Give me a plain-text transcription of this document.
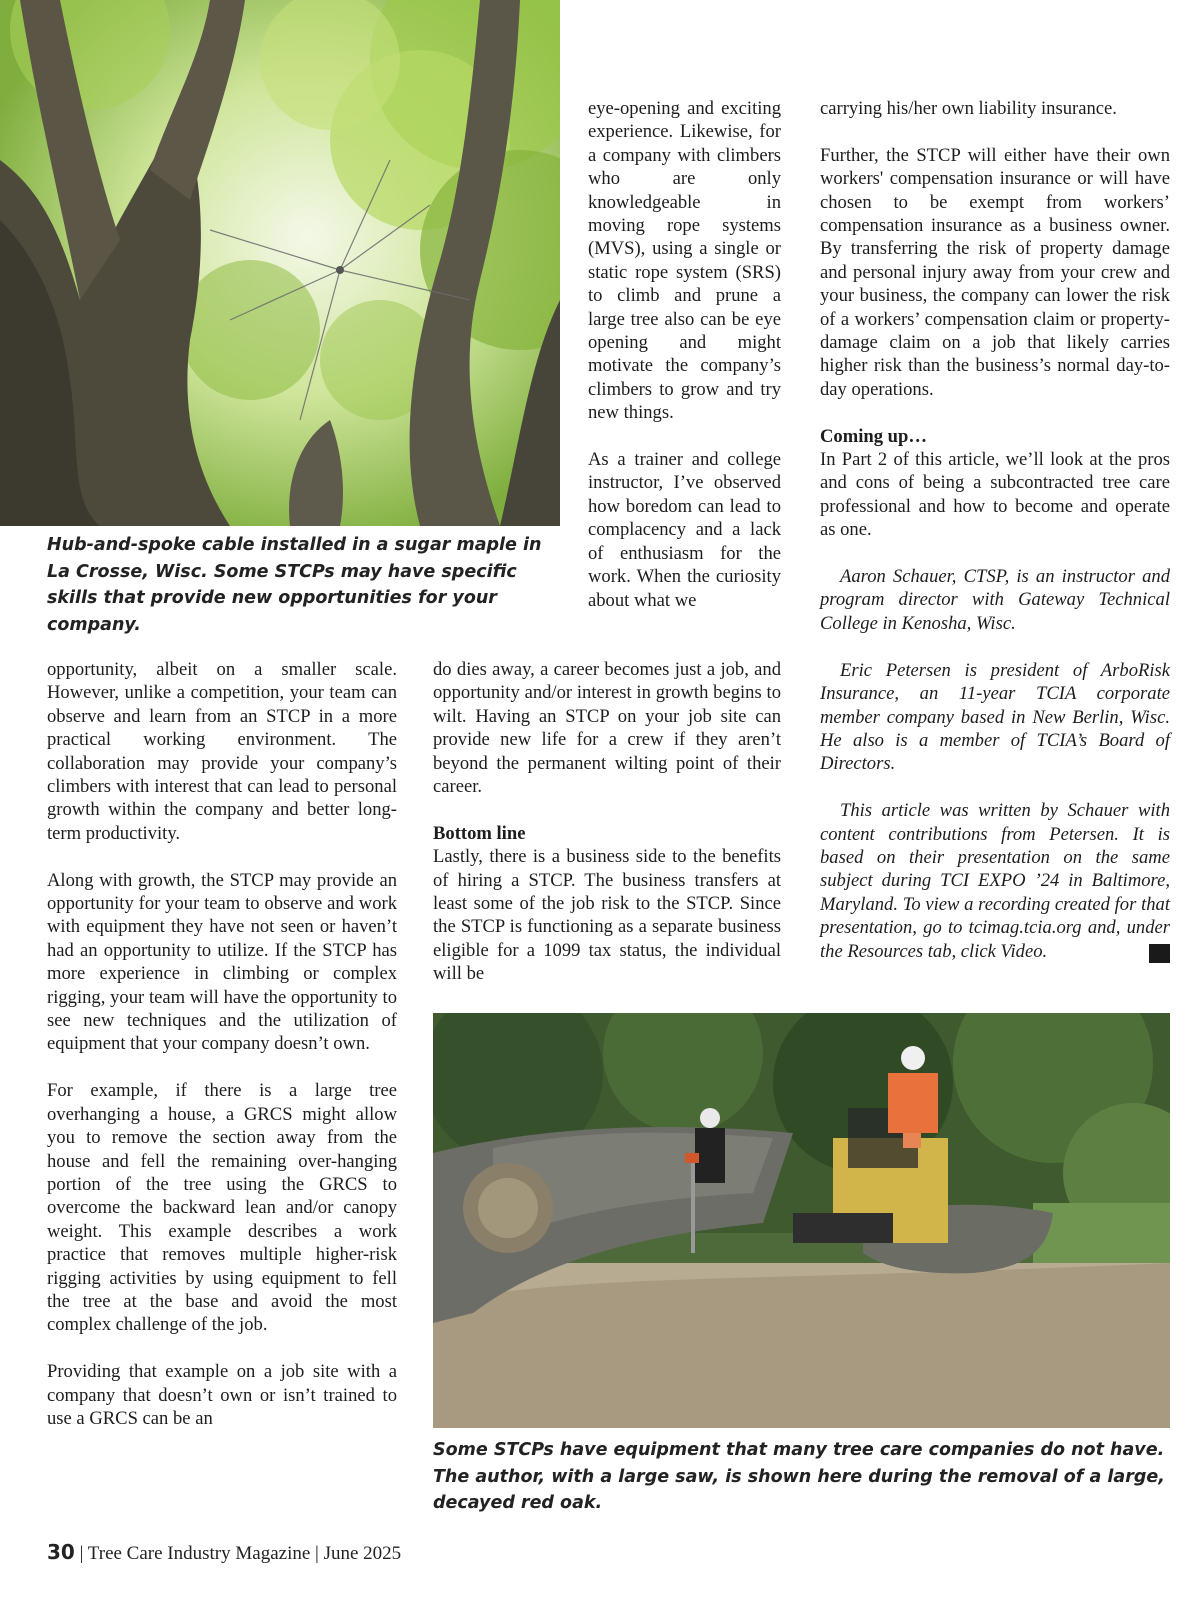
Hub-and-spoke cable installed in a sugar maple in La Crosse, Wisc. Some STCPs may have specific skills that provide new opportunities for your company.

eye-opening and exciting experience. Likewise, for a company with climbers who are only knowledgeable in moving rope systems (MVS), using a single or static rope system (SRS) to climb and prune a large tree also can be eye opening and might motivate the company’s climbers to grow and try new things.

As a trainer and college instructor, I’ve observed how boredom can lead to complacency and a lack of enthusiasm for the work. When the curiosity about what we

opportunity, albeit on a smaller scale. However, unlike a competition, your team can observe and learn from an STCP in a more practical working environment. The collaboration may provide your company’s climbers with interest that can lead to personal growth within the company and better long-term productivity.

Along with growth, the STCP may provide an opportunity for your team to observe and work with equipment they have not seen or haven’t had an opportunity to utilize. If the STCP has more experience in climbing or complex rigging, your team will have the opportunity to see new techniques and the utilization of equipment that your company doesn’t own.

For example, if there is a large tree overhanging a house, a GRCS might allow you to remove the section away from the house and fell the remaining over-hanging portion of the tree using the GRCS to overcome the backward lean and/or canopy weight. This example describes a work practice that removes multiple higher-risk rigging activities by using equipment to fell the tree at the base and avoid the most complex challenge of the job.

Providing that example on a job site with a company that doesn’t own or isn’t trained to use a GRCS can be an

do dies away, a career becomes just a job, and opportunity and/or interest in growth begins to wilt. Having an STCP on your job site can provide new life for a crew if they aren’t beyond the permanent wilting point of their career.

Bottom line

Lastly, there is a business side to the benefits of hiring a STCP. The business transfers at least some of the job risk to the STCP. Since the STCP is functioning as a separate business eligible for a 1099 tax status, the individual will be

carrying his/her own liability insurance.

Further, the STCP will either have their own workers' compensation insurance or will have chosen to be exempt from workers’ compensation insurance as a business owner. By transferring the risk of property damage and personal injury away from your crew and your business, the company can lower the risk of a workers’ compensation claim or property-damage claim on a job that likely carries higher risk than the business’s normal day-to-day operations.

Coming up…

In Part 2 of this article, we’ll look at the pros and cons of being a subcontracted tree care professional and how to become and operate as one.

Aaron Schauer, CTSP, is an instructor and program director with Gateway Technical College in Kenosha, Wisc.

Eric Petersen is president of ArboRisk Insurance, an 11-year TCIA corporate member company based in New Berlin, Wisc. He also is a member of TCIA’s Board of Directors.

This article was written by Schauer with content contributions from Petersen. It is based on their presentation on the same subject during TCI EXPO ’24 in Baltimore, Maryland. To view a recording created for that presentation, go to tcimag.tcia.org and, under the Resources tab, click Video.

Some STCPs have equipment that many tree care companies do not have. The author, with a large saw, is shown here during the removal of a large, decayed red oak.
30 | Tree Care Industry Magazine | June 2025
